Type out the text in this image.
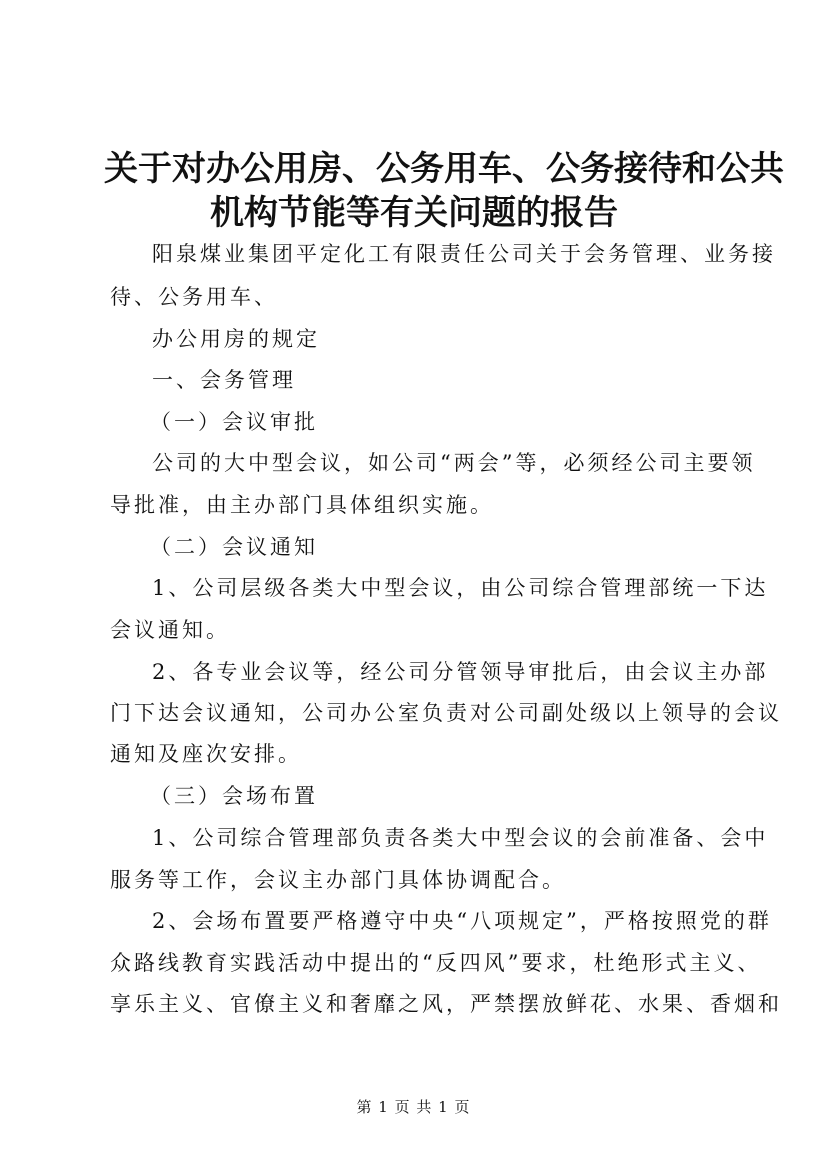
关于对办公用房、公务用车、公务接待和公共
机构节能等有关问题的报告
阳泉煤业集团平定化工有限责任公司关于会务管理、业务接
待、公务用车、
办公用房的规定
一、会务管理
（一）会议审批
公司的大中型会议，如公司“两会”等，必须经公司主要领
导批准，由主办部门具体组织实施。
（二）会议通知
1、公司层级各类大中型会议，由公司综合管理部统一下达
会议通知。
2、各专业会议等，经公司分管领导审批后，由会议主办部
门下达会议通知，公司办公室负责对公司副处级以上领导的会议
通知及座次安排。
（三）会场布置
1、公司综合管理部负责各类大中型会议的会前准备、会中
服务等工作，会议主办部门具体协调配合。
2、会场布置要严格遵守中央“八项规定”，严格按照党的群
众路线教育实践活动中提出的“反四风”要求，杜绝形式主义、
享乐主义、官僚主义和奢靡之风，严禁摆放鲜花、水果、香烟和
第 1 页 共 1 页
